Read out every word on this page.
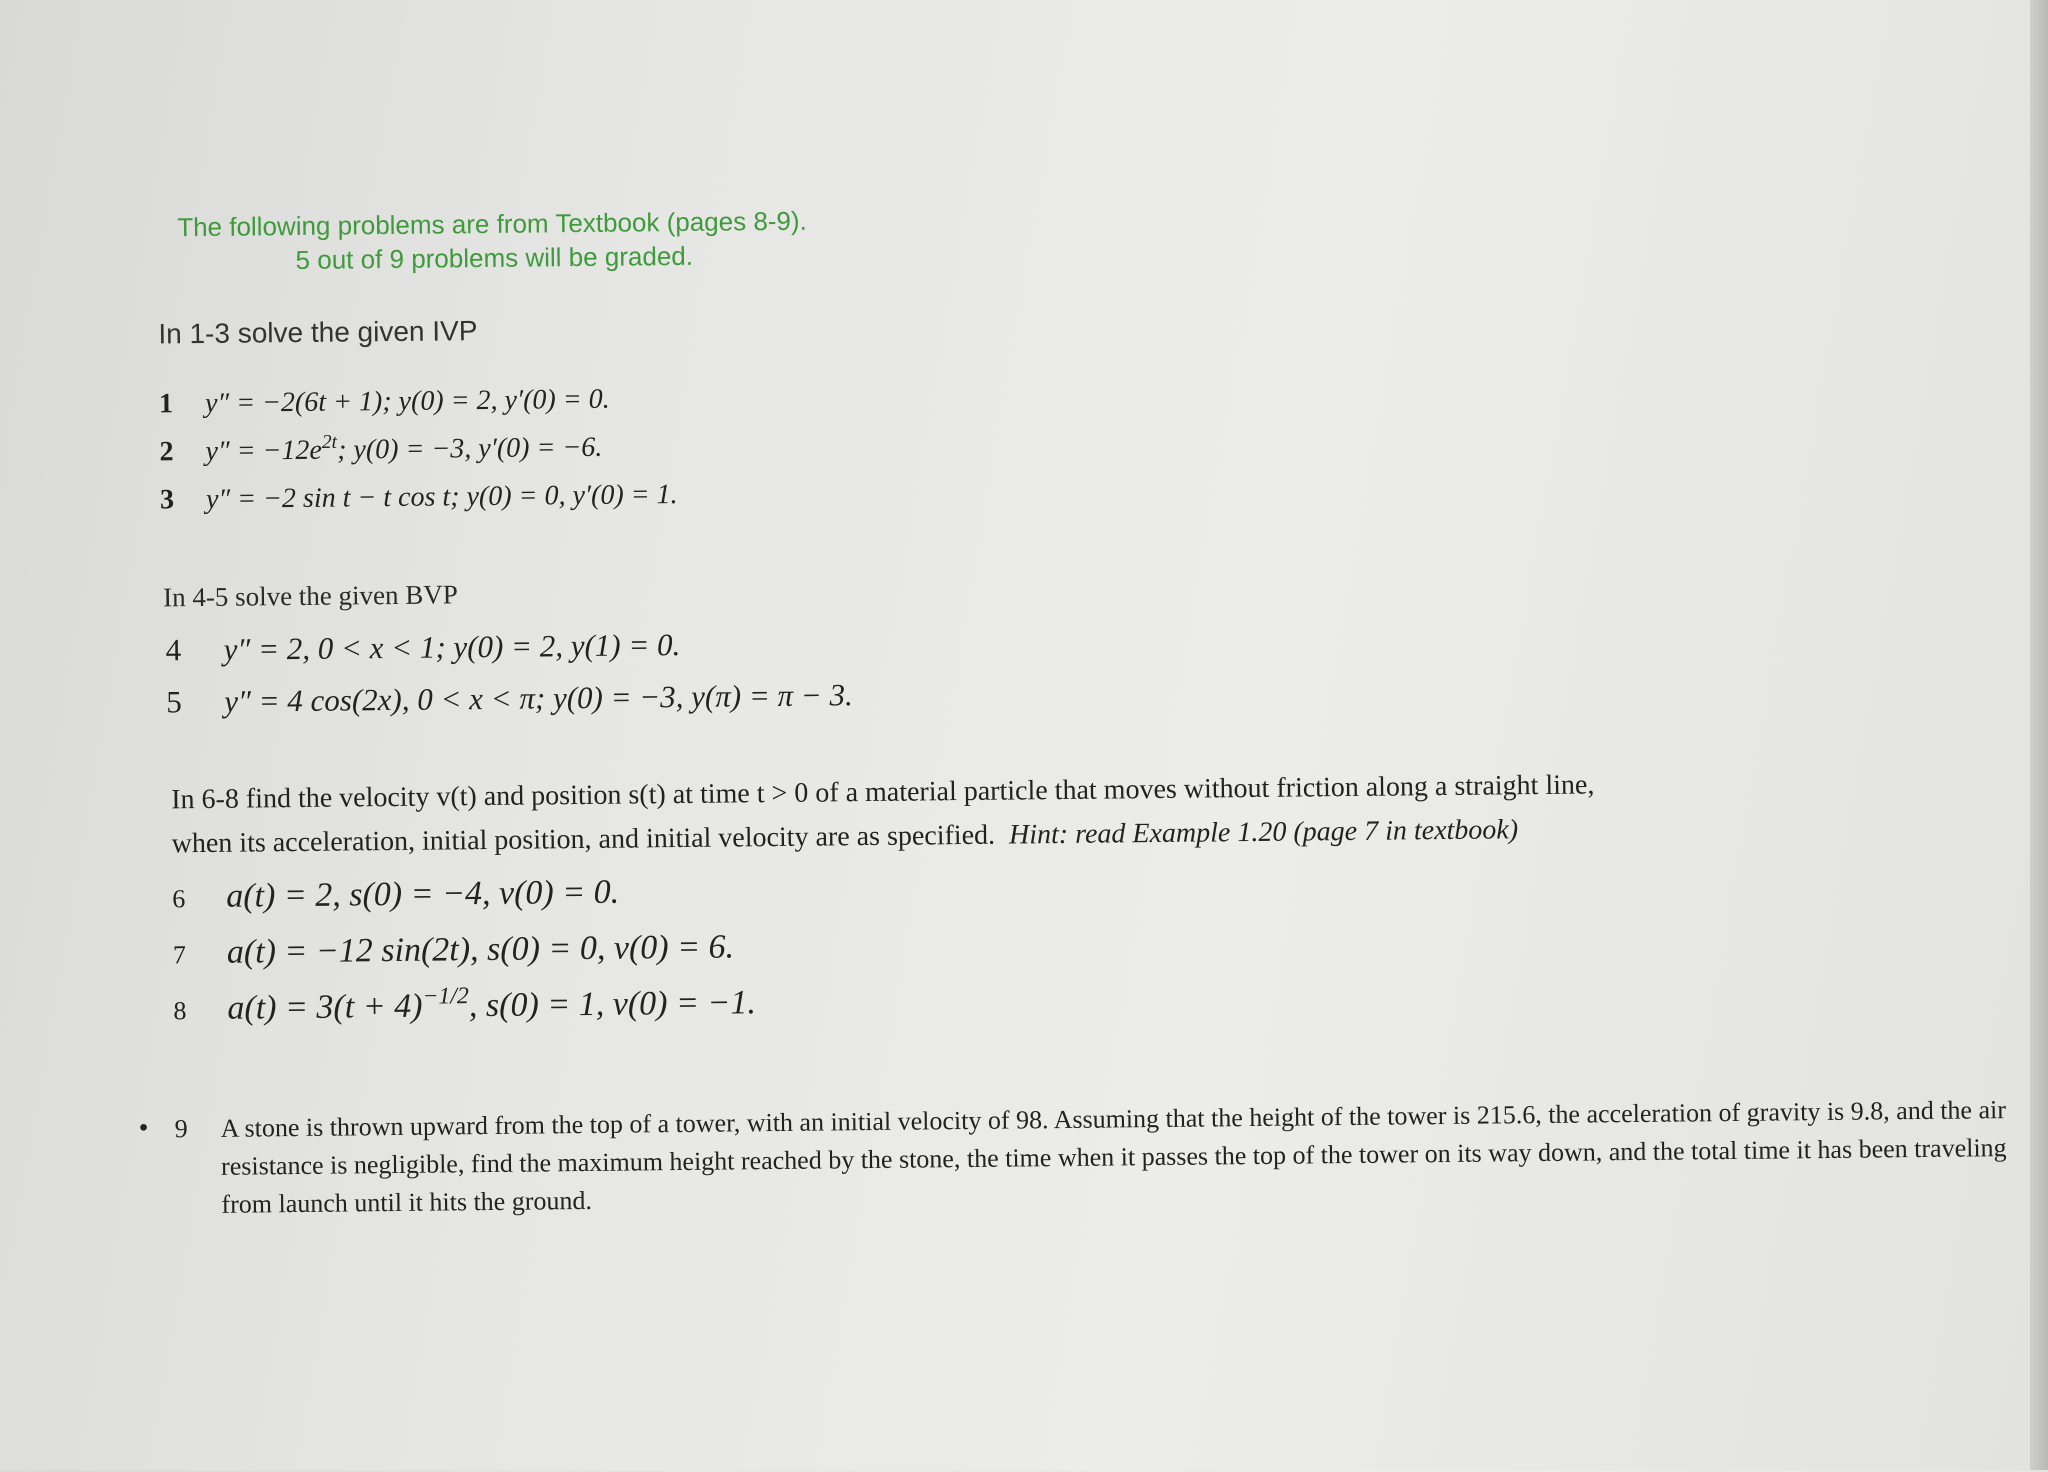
The following problems are from Textbook (pages 8-9).
5 out of 9 problems will be graded.
In 1-3 solve the given IVP
1 y″ = −2(6t + 1); y(0) = 2, y′(0) = 0.
2 $y'' = -12e^{2t}$; y(0) = −3, y′(0) = −6.
3 y″ = −2 sin t − t cos t; y(0) = 0, y′(0) = 1.
In 4-5 solve the given BVP
4 y″ = 2, 0 < x < 1; y(0) = 2, y(1) = 0.
5 y″ = 4 cos(2x), 0 < x < π; y(0) = −3, y(π) = π − 3.
In 6-8 find the velocity v(t) and position s(t) at time t > 0 of a material particle that moves without friction along a straight line,
when its acceleration, initial position, and initial velocity are as specified. Hint: read Example 1.20 (page 7 in textbook)
6 a(t) = 2, s(0) = −4, v(0) = 0.
7 a(t) = −12 sin(2t), s(0) = 0, v(0) = 6.
8 $a(t) = 3(t + 4)^{-1/2}$, s(0) = 1, v(0) = −1.
• 9 A stone is thrown upward from the top of a tower, with an initial velocity of 98. Assuming that the height of the tower is 215.6, the acceleration of gravity is 9.8, and the air resistance is negligible, find the maximum height reached by the stone, the time when it passes the top of the tower on its way down, and the total time it has been traveling from launch until it hits the ground.
